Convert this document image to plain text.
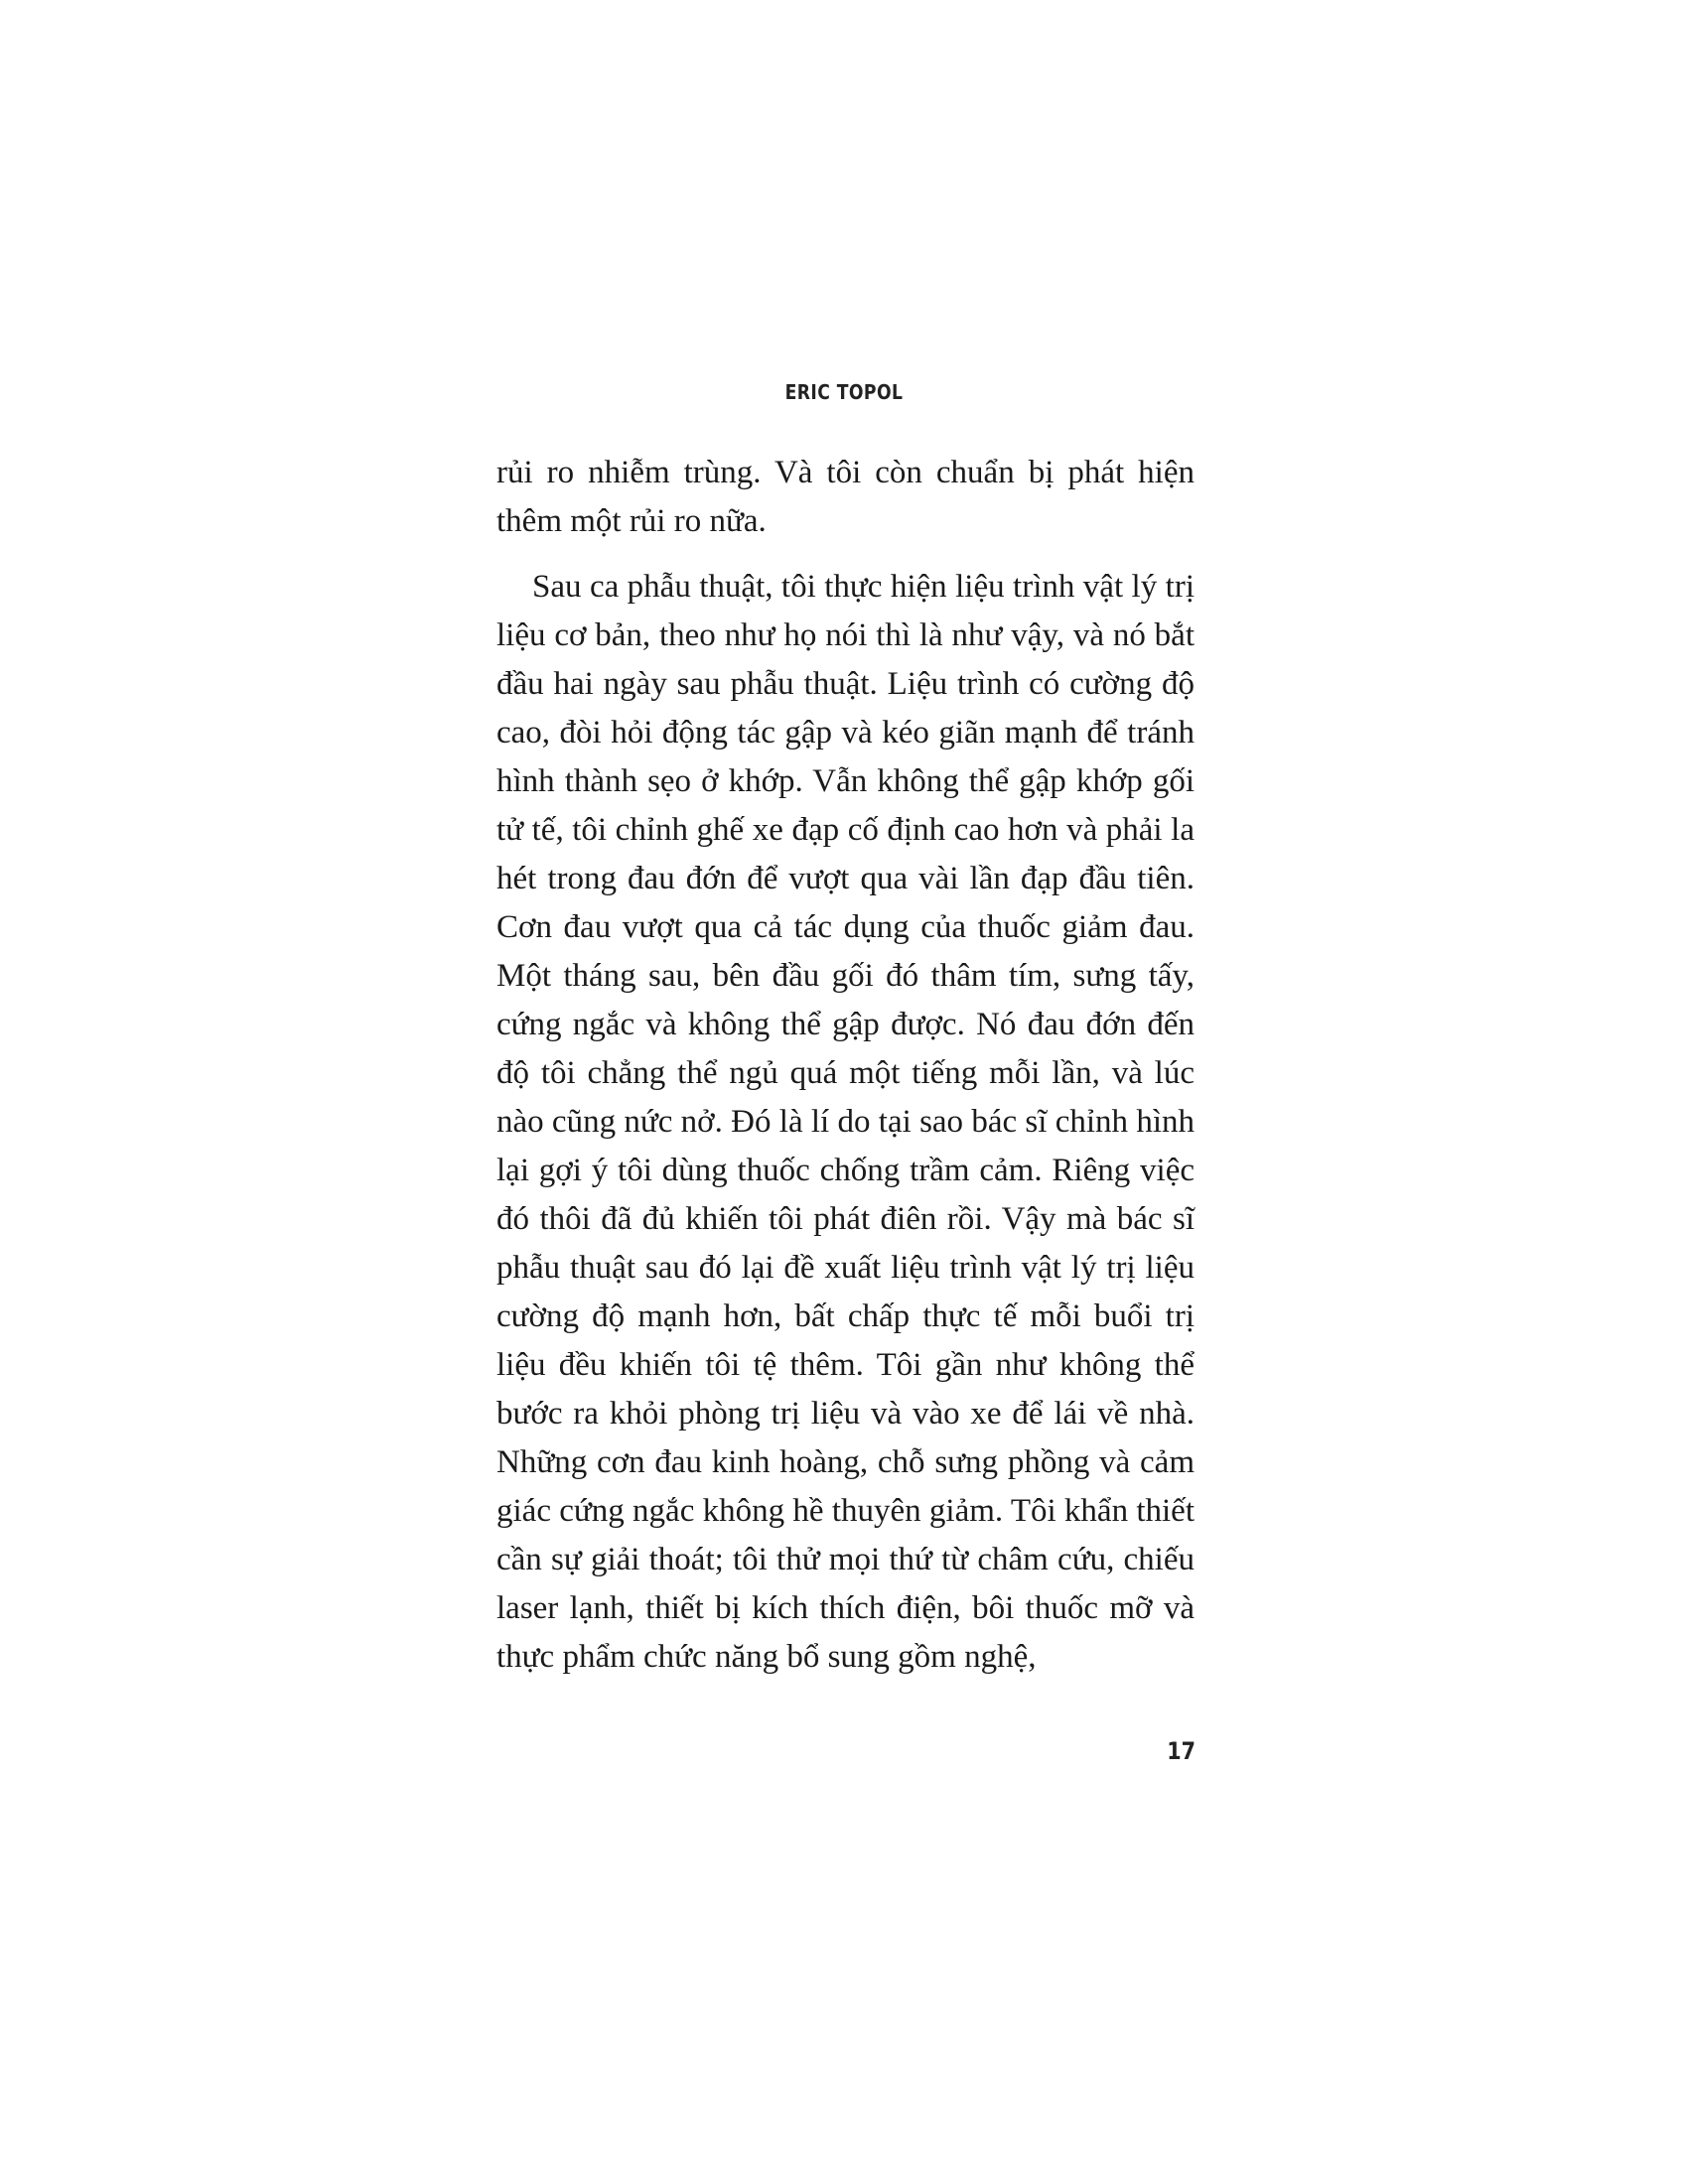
ERIC TOPOL

rủi ro nhiễm trùng. Và tôi còn chuẩn bị phát hiện thêm một rủi ro nữa.

Sau ca phẫu thuật, tôi thực hiện liệu trình vật lý trị liệu cơ bản, theo như họ nói thì là như vậy, và nó bắt đầu hai ngày sau phẫu thuật. Liệu trình có cường độ cao, đòi hỏi động tác gập và kéo giãn mạnh để tránh hình thành sẹo ở khớp. Vẫn không thể gập khớp gối tử tế, tôi chỉnh ghế xe đạp cố định cao hơn và phải la hét trong đau đớn để vượt qua vài lần đạp đầu tiên. Cơn đau vượt qua cả tác dụng của thuốc giảm đau. Một tháng sau, bên đầu gối đó thâm tím, sưng tấy, cứng ngắc và không thể gập được. Nó đau đớn đến độ tôi chẳng thể ngủ quá một tiếng mỗi lần, và lúc nào cũng nức nở. Đó là lí do tại sao bác sĩ chỉnh hình lại gợi ý tôi dùng thuốc chống trầm cảm. Riêng việc đó thôi đã đủ khiến tôi phát điên rồi. Vậy mà bác sĩ phẫu thuật sau đó lại đề xuất liệu trình vật lý trị liệu cường độ mạnh hơn, bất chấp thực tế mỗi buổi trị liệu đều khiến tôi tệ thêm. Tôi gần như không thể bước ra khỏi phòng trị liệu và vào xe để lái về nhà. Những cơn đau kinh hoàng, chỗ sưng phồng và cảm giác cứng ngắc không hề thuyên giảm. Tôi khẩn thiết cần sự giải thoát; tôi thử mọi thứ từ châm cứu, chiếu laser lạnh, thiết bị kích thích điện, bôi thuốc mỡ và thực phẩm chức năng bổ sung gồm nghệ,

17
